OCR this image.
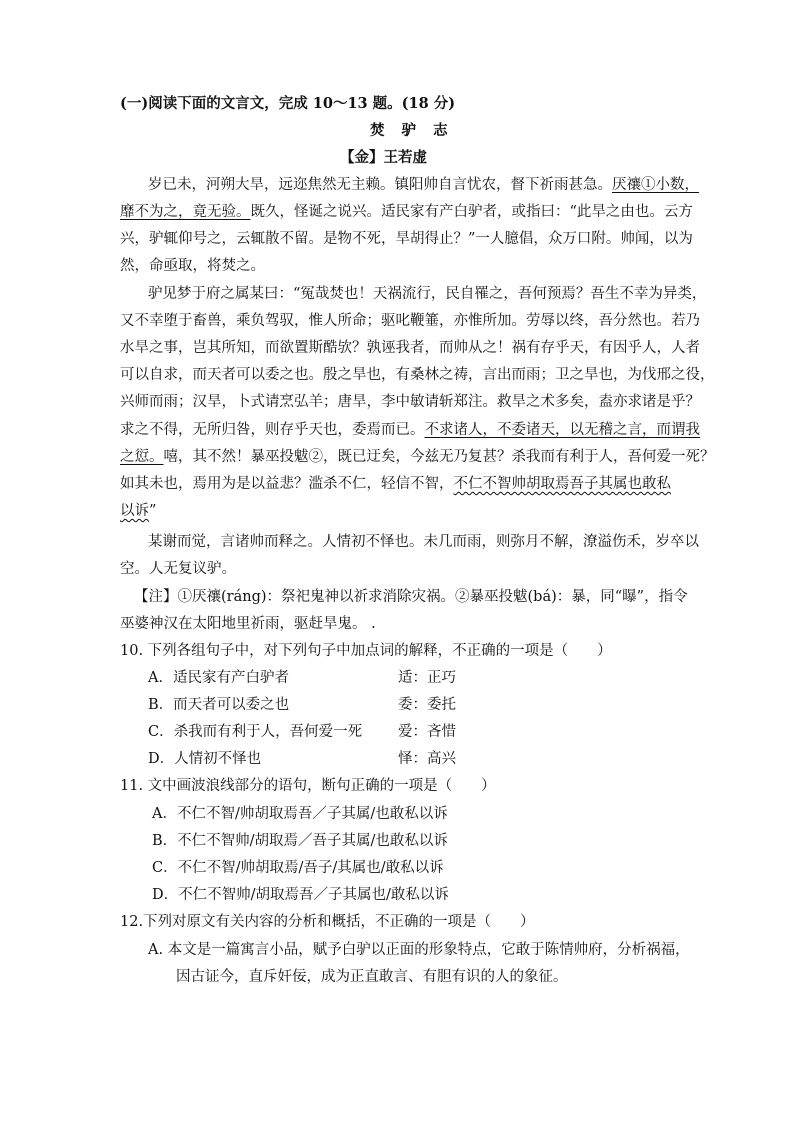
(一)阅读下面的文言文，完成 10～13 题。(18 分)
焚 驴 志
【金】王若虚
岁已未，河朔大旱，远迩焦然无主赖。镇阳帅自言忧农，督下祈雨甚急。厌禳①小数，
靡不为之，竟无验。既久，怪诞之说兴。适民家有产白驴者，或指曰：“此旱之由也。云方
兴，驴辄仰号之，云辄散不留。是物不死，旱胡得止？”一人臆倡，众万口附。帅闻，以为
然，命亟取，将焚之。
驴见梦于府之属某曰：“冤哉焚也！天祸流行，民自罹之，吾何预焉？吾生不幸为异类，
又不幸堕于畜兽，乘负驾驭，惟人所命；驱叱鞭箠，亦惟所加。劳辱以终，吾分然也。若乃
水旱之事，岂其所知，而欲置斯酷欤？孰诬我者，而帅从之！祸有存乎天，有因乎人，人者
可以自求，而天者可以委之也。殷之旱也，有桑林之祷，言出而雨；卫之旱也，为伐邢之役，
兴师而雨；汉旱，卜式请烹弘羊；唐旱，李中敏请斩郑注。救旱之术多矣，盍亦求诸是乎？
求之不得，无所归咎，则存乎天也，委焉而已。不求诸人，不委诸天，以无稽之言，而谓我
之愆。嘻，其不然！暴巫投魃②，既已迂矣，今兹无乃复甚？杀我而有利于人，吾何爱一死？
如其未也，焉用为是以益悲？滥杀不仁，轻信不智，不仁不智帅胡取焉吾子其属也敢私
以诉”
某谢而觉，言诸帅而释之。人情初不怿也。未几而雨，则弥月不解，潦溢伤禾，岁卒以
空。人无复议驴。
【注】①厌禳(ráng)：祭祀鬼神以祈求消除灾祸。②暴巫投魃(bá)：暴，同“曝”，指令
巫婆神汉在太阳地里祈雨，驱赶旱鬼。 .
10. 下列各组句子中，对下列句子中加点词的解释，不正确的一项是（　　）
A．适民家有产白驴者	适：正巧
B．而天者可以委之也	委：委托
C．杀我而有利于人，吾何爱一死 爱：吝惜
D．人情初不怿也	怿：高兴
11. 文中画波浪线部分的语句，断句正确的一项是（　　）
A．不仁不智/帅胡取焉吾／子其属/也敢私以诉
B．不仁不智帅/胡取焉／吾子其属/也敢私以诉
C．不仁不智/帅胡取焉/吾子/其属也/敢私以诉
D．不仁不智帅/胡取焉吾／子其属也/敢私以诉
12.下列对原文有关内容的分析和概括，不正确的一项是（　　）
A. 本文是一篇寓言小品，赋予白驴以正面的形象特点，它敢于陈情帅府，分析祸福，
因古证今，直斥奸佞，成为正直敢言、有胆有识的人的象征。
